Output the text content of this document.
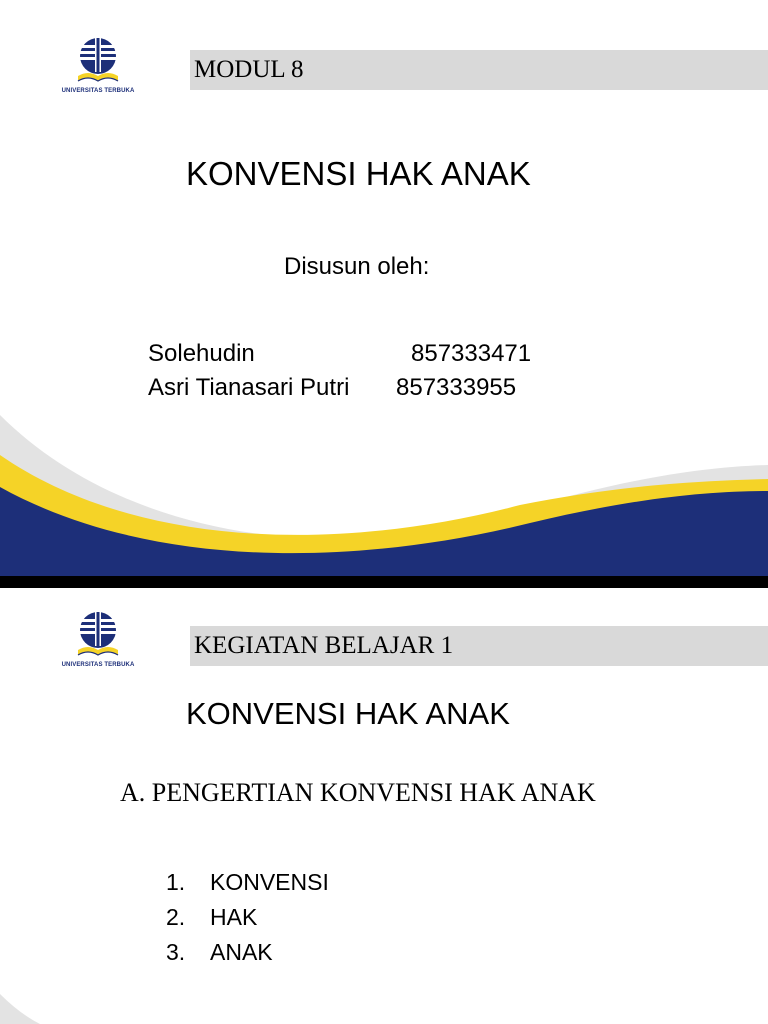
UNIVERSITAS TERBUKA
MODUL 8
KONVENSI HAK ANAK
Disusun oleh:
Solehudin	857333471
Asri Tianasari Putri 857333955
UNIVERSITAS TERBUKA
KEGIATAN BELAJAR 1
KONVENSI HAK ANAK
A. PENGERTIAN KONVENSI HAK ANAK
1. KONVENSI
2. HAK
3. ANAK
